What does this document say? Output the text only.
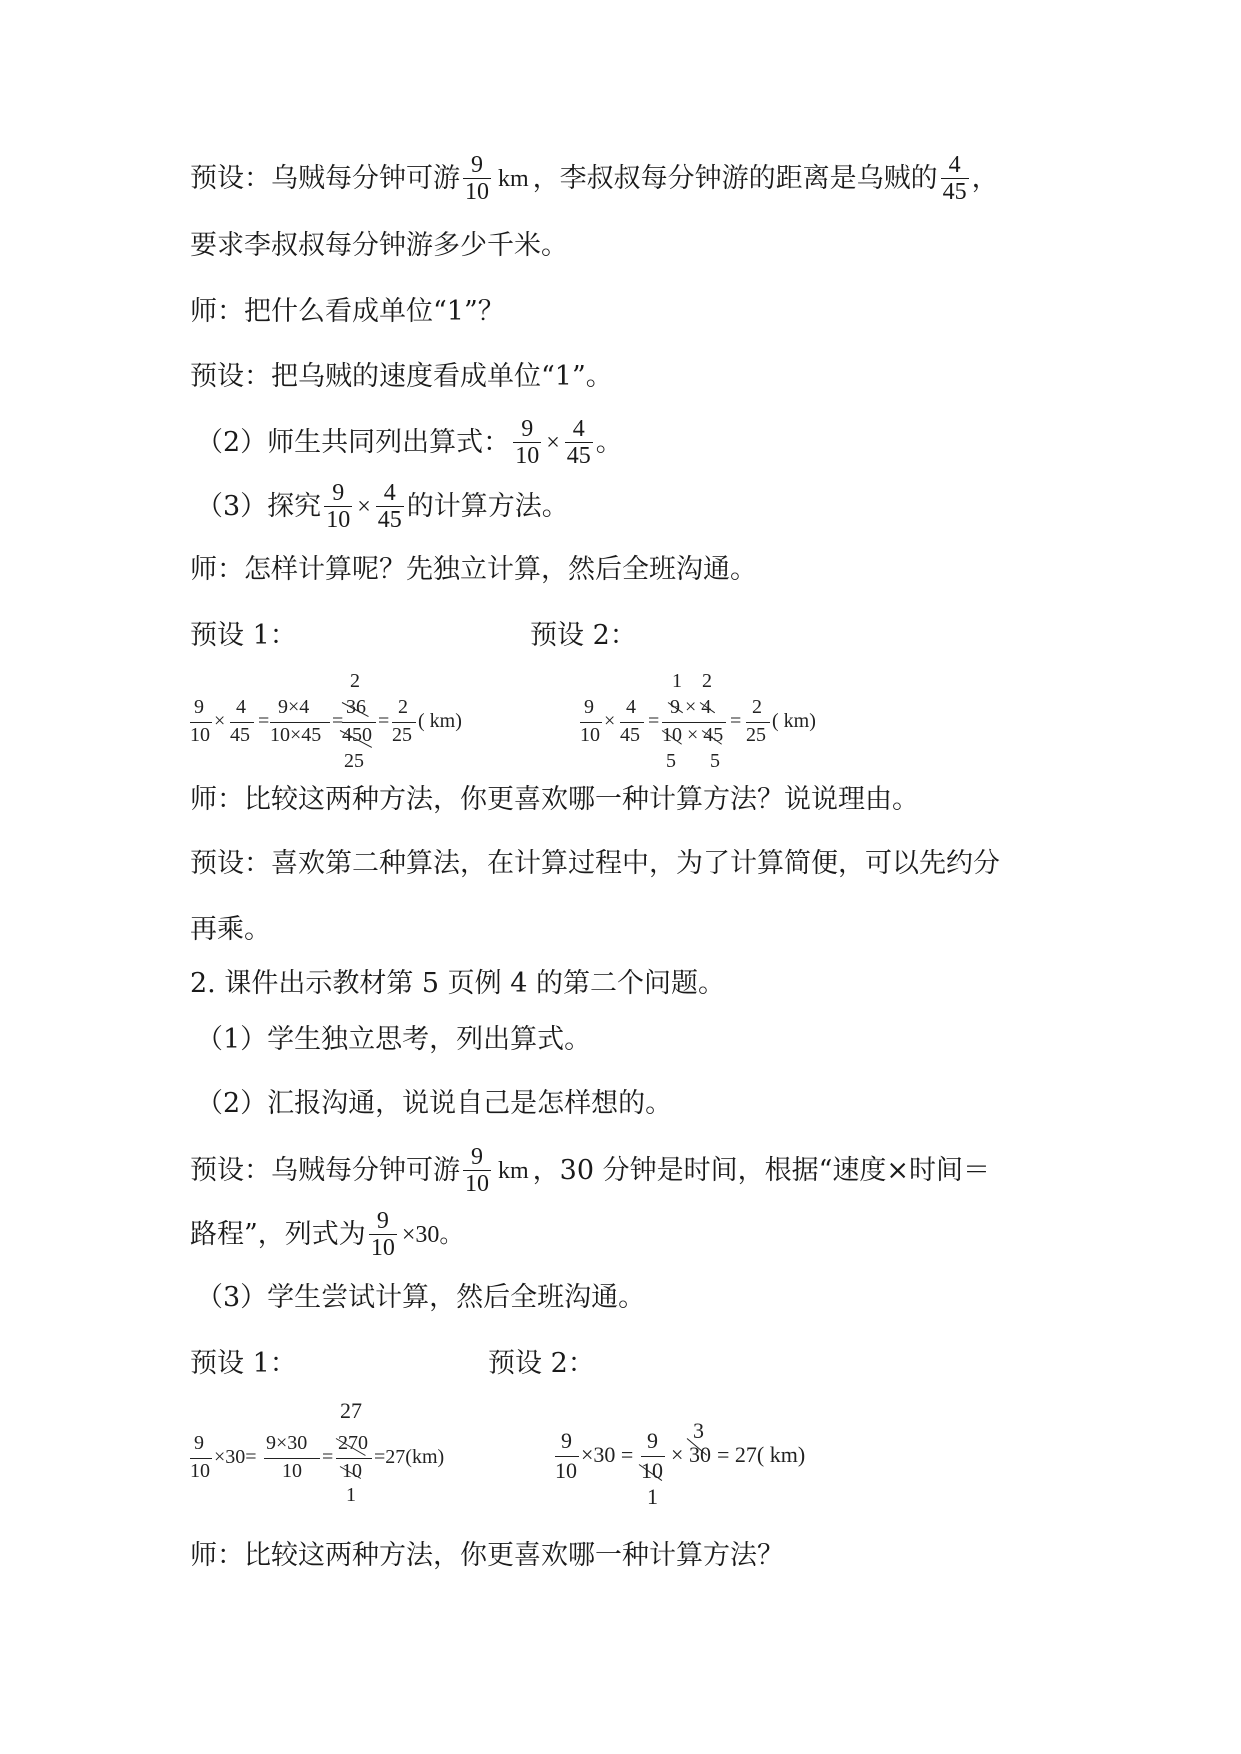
预设：乌贼每分钟可游 $\frac{9}{10}$ km ，李叔叔每分钟游的距离是乌贼的 $\frac{4}{45}$ ，
要求李叔叔每分钟游多少千米。
师：把什么看成单位“1”？
预设：把乌贼的速度看成单位“1”。
（2）师生共同列出算式： $\frac{9}{10} \times \frac{4}{45}$ 。
（3）探究 $\frac{9}{10} \times \frac{4}{45}$ 的计算方法。
师：怎样计算呢？先独立计算，然后全班沟通。
预设 1：	预设 2：
9
10
×
4
45
=
9×4
10×45
=
2
36
450
25
=
2
25
( km)
9
10
×
4
45
=
1 2
9 × 4
10 × 45
5 5
=
2
25
( km)
师：比较这两种方法，你更喜欢哪一种计算方法？说说理由。
预设：喜欢第二种算法，在计算过程中，为了计算简便，可以先约分
再乘。
2. 课件出示教材第 5 页例 4 的第二个问题。
（1）学生独立思考，列出算式。
（2）汇报沟通，说说自己是怎样想的。
预设：乌贼每分钟可游 $\frac{9}{10}$ km ，30 分钟是时间，根据“速度×时间＝
路程”，列式为 $\frac{9}{10} \times 30$。
（3）学生尝试计算，然后全班沟通。
预设 1：	预设 2：
9
10
×30=
9×30
10
=
27
270
10
1
=27(km)
9
10
×30 =
9
10
1
×
3
30 = 27( km)
师：比较这两种方法，你更喜欢哪一种计算方法？
